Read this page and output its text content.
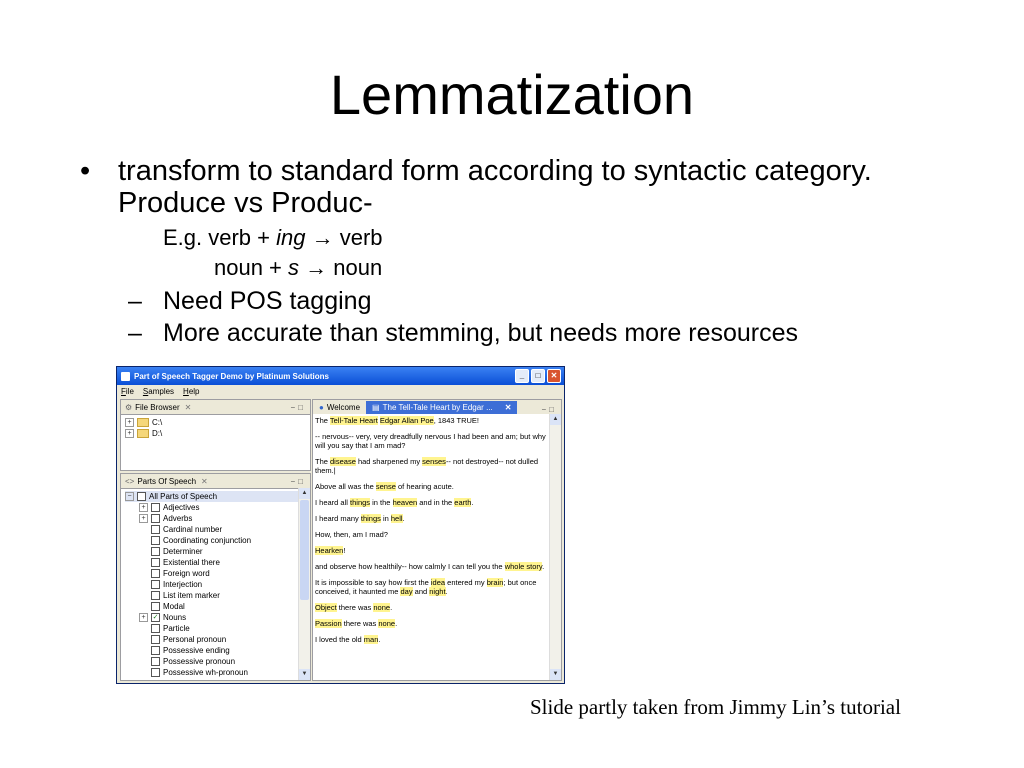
Lemmatization
• transform to standard form according to syntactic category. Produce vs Produc-
E.g. verb + ing → verb
noun + s → noun
– Need POS tagging
– More accurate than stemming, but needs more resources
Part of Speech Tagger Demo by Platinum Solutions	_	□	✕
File Samples Help
⚙ File Browser ✕	−□
+	C:\
+	D:\
<> Parts Of Speech ✕	−□
−	All Parts of Speech
+	Adjectives
+	Adverbs
Cardinal number
Coordinating conjunction
Determiner
Existential there
Foreign word
Interjection
List item marker
Modal
+	✓ Nouns
Particle
Personal pronoun
Possessive ending
Possessive pronoun
Possessive wh-pronoun
▲
▼
● Welcome ▤ The Tell-Tale Heart by Edgar ... ✕	−□

The Tell-Tale Heart Edgar Allan Poe, 1843 TRUE!

-- nervous-- very, very dreadfully nervous I had been and am; but why will you say that I am mad?

The disease had sharpened my senses-- not destroyed-- not dulled them.|

Above all was the sense of hearing acute.

I heard all things in the heaven and in the earth.

I heard many things in hell.

How, then, am I mad?

Hearken!

and observe how healthily-- how calmly I can tell you the whole story.

It is impossible to say how first the idea entered my brain; but once conceived, it haunted me day and night.

Object there was none.

Passion there was none.

I loved the old man.

▲
▼
Slide partly taken from Jimmy Lin’s tutorial
